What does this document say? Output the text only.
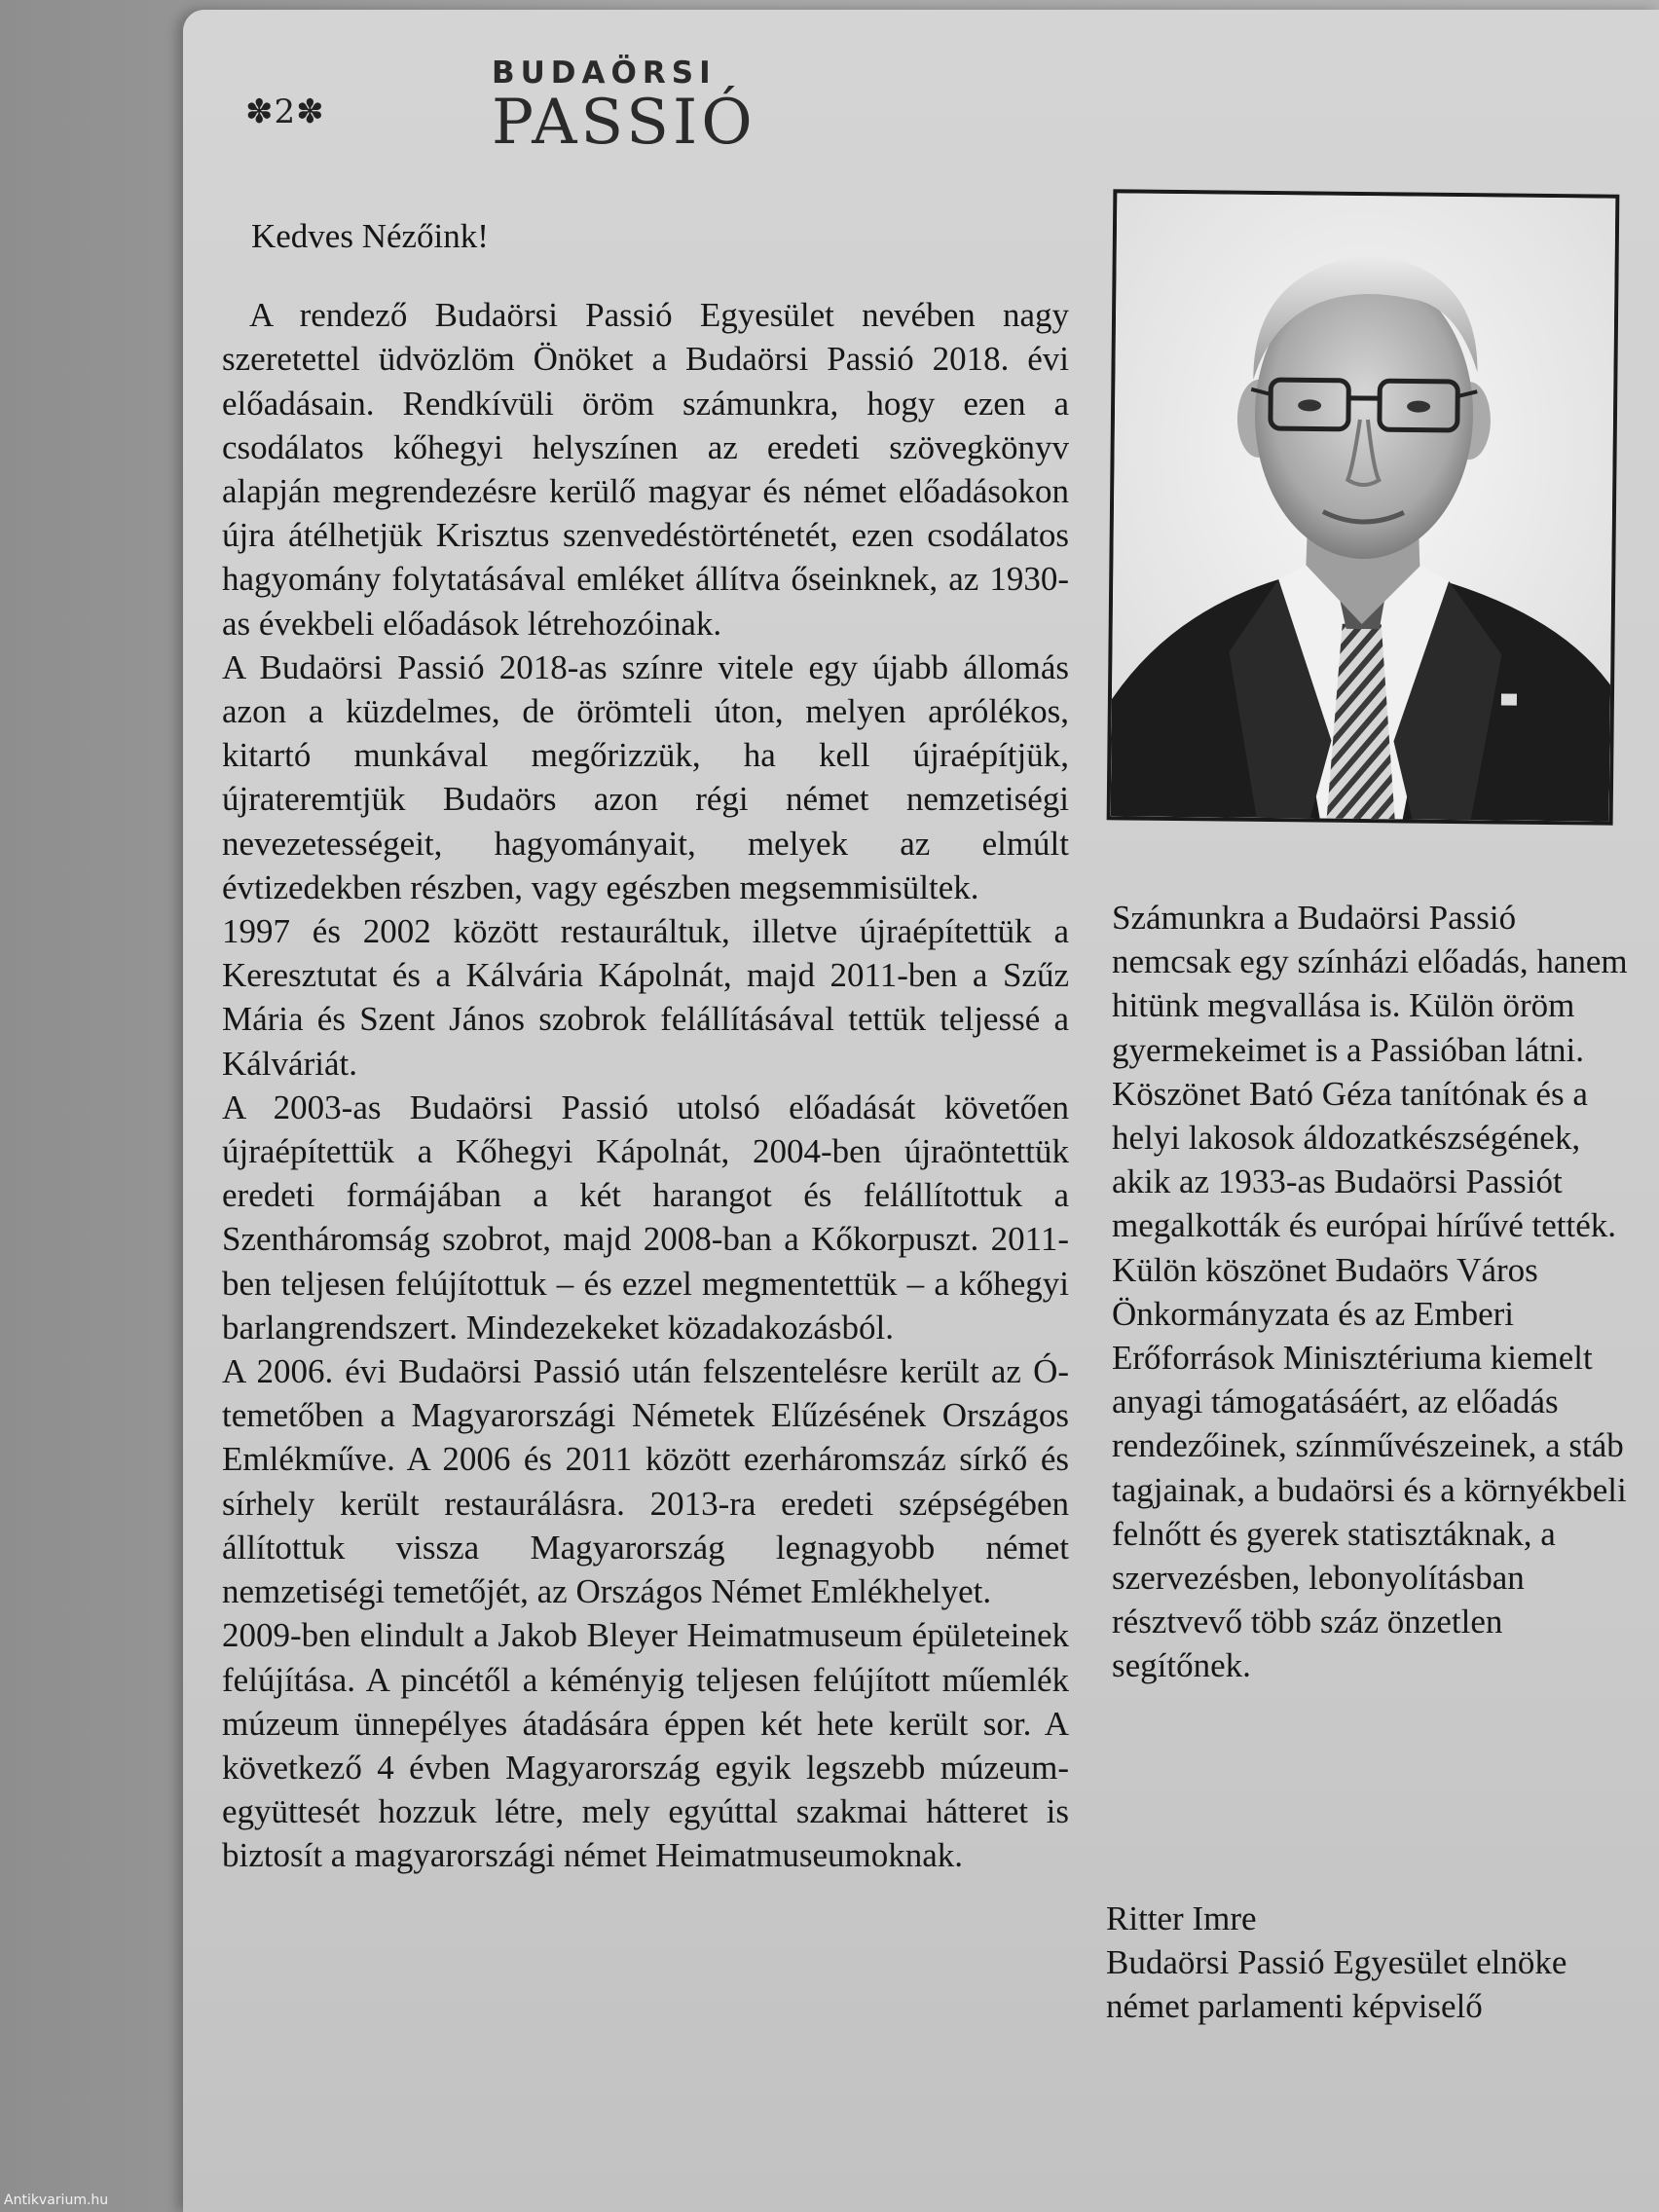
✽2✽
BUDAÖRSI
PASSIÓ

Kedves Nézőink!

A rendező Budaörsi Passió Egyesület nevében nagy szeretettel üdvözlöm Önöket a Budaörsi Passió 2018. évi előadásain. Rendkívüli öröm számunkra, hogy ezen a csodálatos kőhegyi helyszínen az eredeti szövegkönyv alapján megrendezésre kerülő magyar és német előadásokon újra átélhetjük Krisztus szenvedéstörténetét, ezen csodálatos hagyomány folytatásával emléket állítva őseinknek, az 1930-as évekbeli előadások létrehozóinak.

A Budaörsi Passió 2018-as színre vitele egy újabb állomás azon a küzdelmes, de örömteli úton, melyen aprólékos, kitartó munkával megőrizzük, ha kell újraépítjük, újrateremtjük Budaörs azon régi német nemzetiségi nevezetességeit, hagyományait, melyek az elmúlt évtizedekben részben, vagy egészben megsemmisültek.

1997 és 2002 között restauráltuk, illetve újraépítettük a Keresztutat és a Kálvária Kápolnát, majd 2011-ben a Szűz Mária és Szent János szobrok felállításával tettük teljessé a Kálváriát.

A 2003-as Budaörsi Passió utolsó előadását követően újraépítettük a Kőhegyi Kápolnát, 2004-ben újraöntettük eredeti formájában a két harangot és felállítottuk a Szentháromság szobrot, majd 2008-ban a Kőkorpuszt. 2011-ben teljesen felújítottuk – és ezzel megmentettük – a kőhegyi barlangrendszert. Mindezekeket közadakozásból.

A 2006. évi Budaörsi Passió után felszentelésre került az Ó-temetőben a Magyarországi Németek Elűzésének Országos Emlékműve. A 2006 és 2011 között ezerháromszáz sírkő és sírhely került restaurálásra. 2013-ra eredeti szépségében állítottuk vissza Magyarország legnagyobb német nemzetiségi temetőjét, az Országos Német Emlékhelyet.

2009-ben elindult a Jakob Bleyer Heimatmuseum épületeinek felújítása. A pincétől a kéményig teljesen felújított műemlék múzeum ünnepélyes átadására éppen két hete került sor. A következő 4 évben Magyarország egyik legszebb múzeum-együttesét hozzuk létre, mely egyúttal szakmai hátteret is biztosít a magyarországi német Heimatmuseumoknak.

Számunkra a Budaörsi Passió nemcsak egy színházi előadás, hanem hitünk megvallása is. Külön öröm gyermekeimet is a Passióban látni.

Köszönet Bató Géza tanítónak és a helyi lakosok áldozatkészségének, akik az 1933-as Budaörsi Passiót megalkották és európai hírűvé tették.

Külön köszönet Budaörs Város Önkormányzata és az Emberi Erőforrások Minisztériuma kiemelt anyagi támogatásáért, az előadás rendezőinek, színművészeinek, a stáb tagjainak, a budaörsi és a környékbeli felnőtt és gyerek statisztáknak, a szervezésben, lebonyolításban résztvevő több száz önzetlen segítőnek.

Ritter Imre

Budaörsi Passió Egyesület elnöke

német parlamenti képviselő

Antikvarium.hu
